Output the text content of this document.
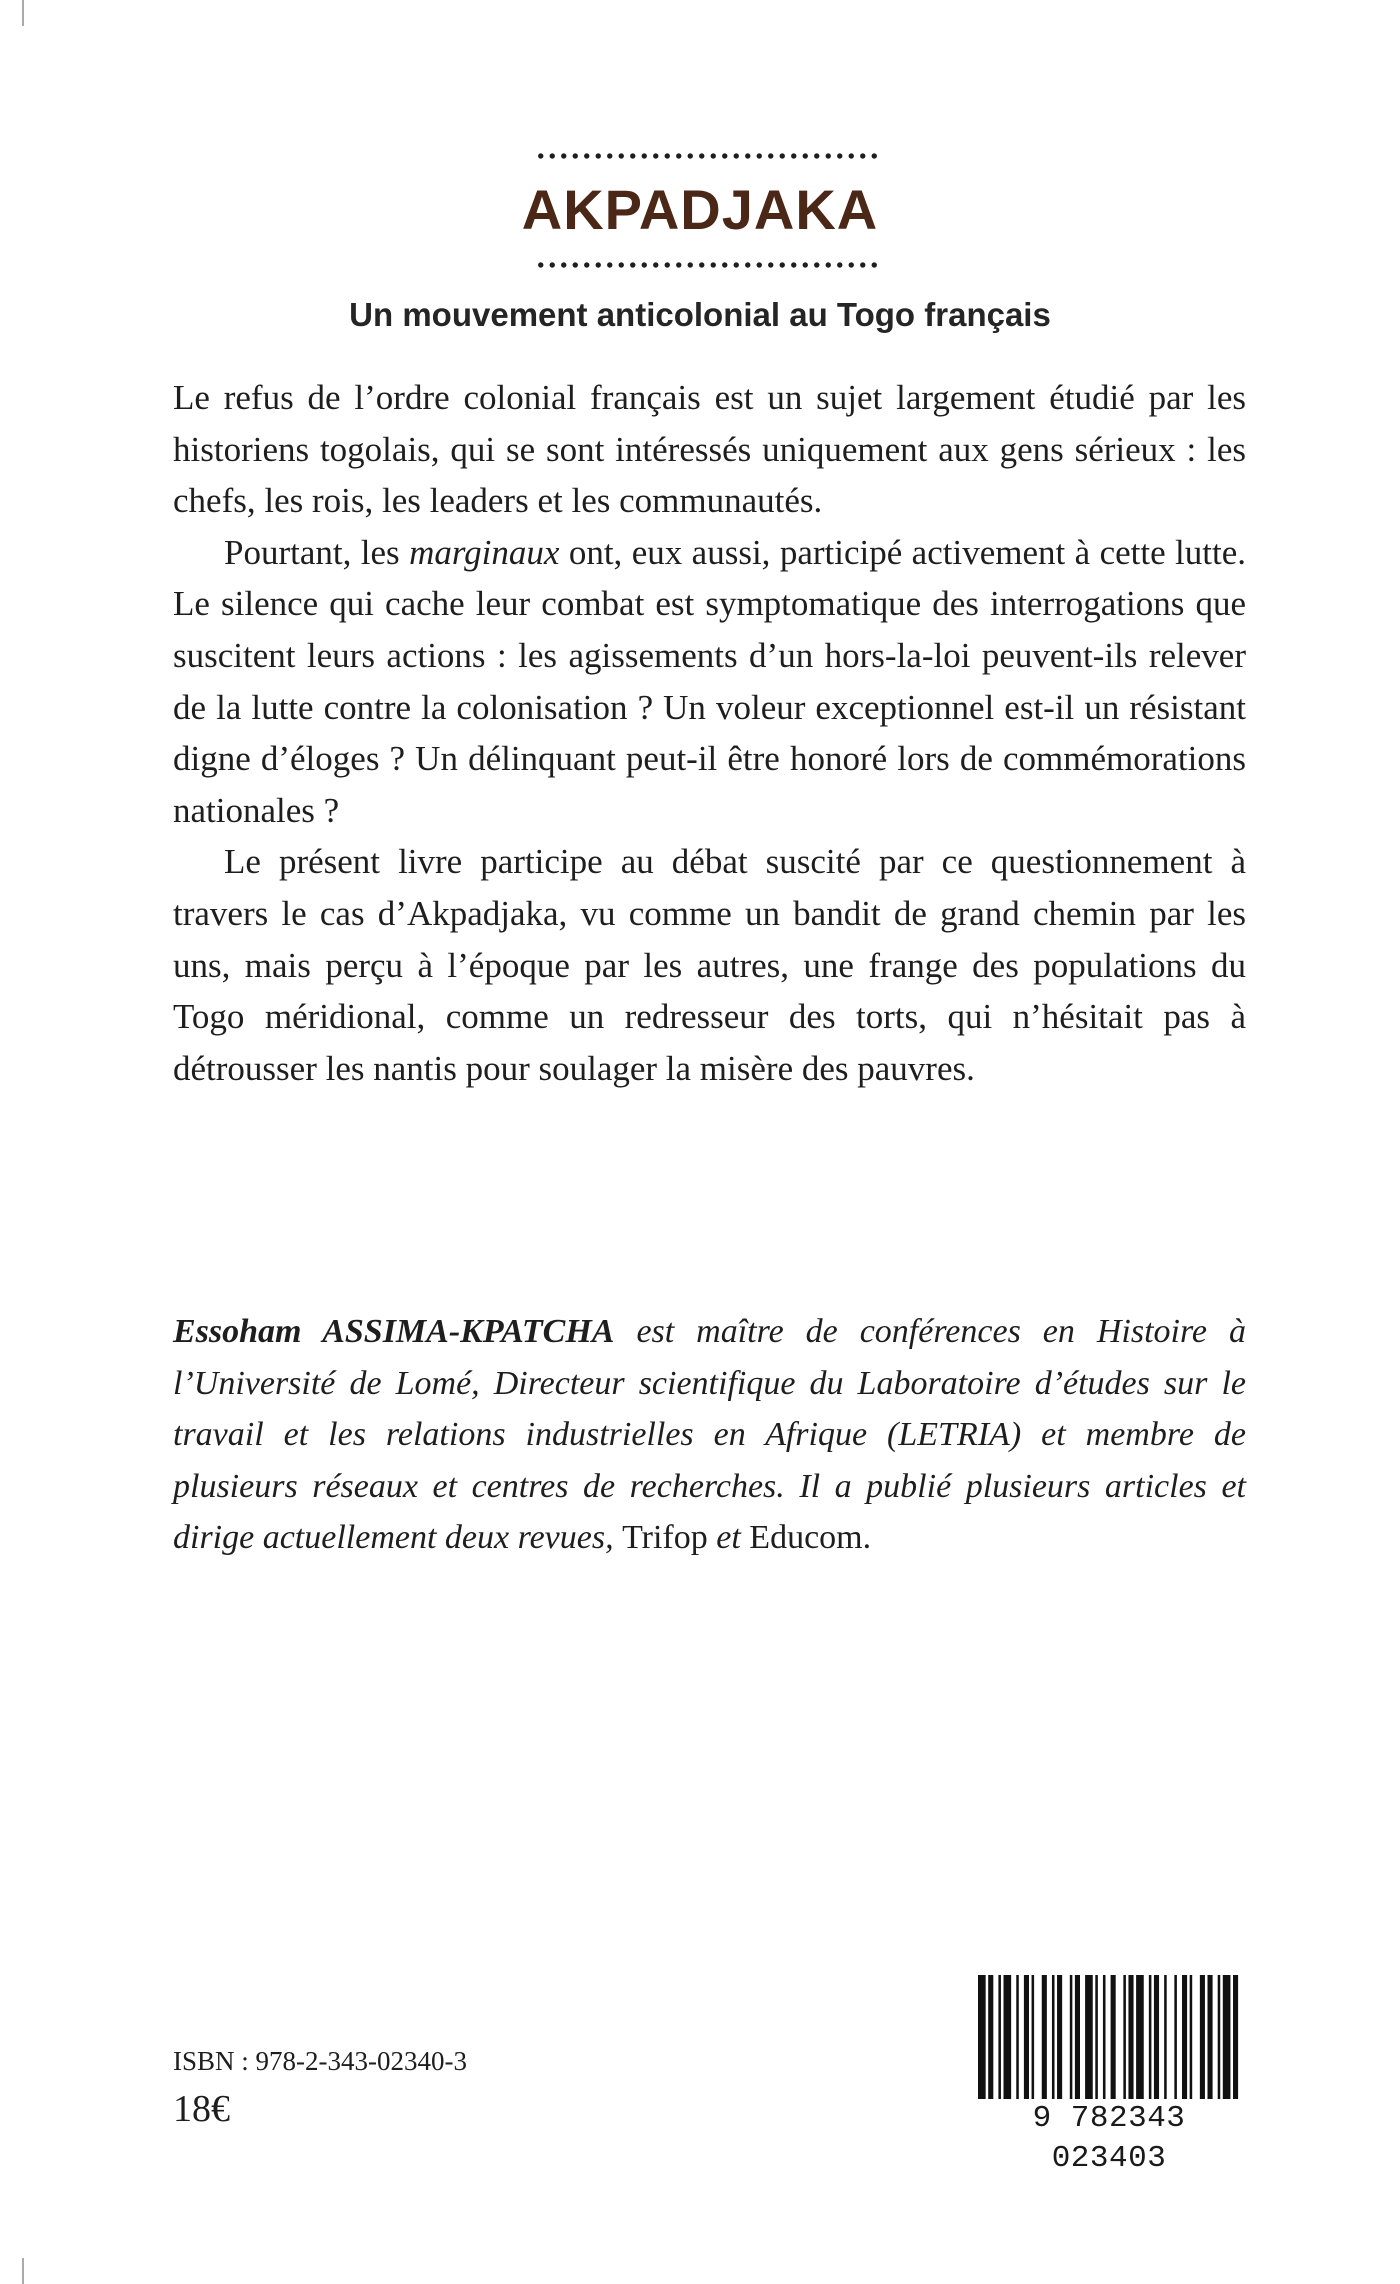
AKPADJAKA
Un mouvement anticolonial au Togo français

Le refus de l’ordre colonial français est un sujet largement étudié par les historiens togolais, qui se sont intéressés uniquement aux gens sérieux : les chefs, les rois, les leaders et les communautés.

Pourtant, les marginaux ont, eux aussi, participé activement à cette lutte. Le silence qui cache leur combat est symptomatique des interrogations que suscitent leurs actions : les agissements d’un hors-la-loi peuvent-ils relever de la lutte contre la colonisation ? Un voleur exceptionnel est-il un résistant digne d’éloges ? Un délinquant peut-il être honoré lors de commémorations nationales ?

Le présent livre participe au débat suscité par ce questionnement à travers le cas d’Akpadjaka, vu comme un bandit de grand chemin par les uns, mais perçu à l’époque par les autres, une frange des populations du Togo méridional, comme un redresseur des torts, qui n’hésitait pas à détrousser les nantis pour soulager la misère des pauvres.

Essoham ASSIMA-KPATCHA est maître de conférences en Histoire à l’Université de Lomé, Directeur scientifique du Laboratoire d’études sur le travail et les relations industrielles en Afrique (LETRIA) et membre de plusieurs réseaux et centres de recherches. Il a publié plusieurs articles et dirige actuellement deux revues, Trifop et Educom.

ISBN : 978-2-343-02340-3

18€	9 782343 023403
